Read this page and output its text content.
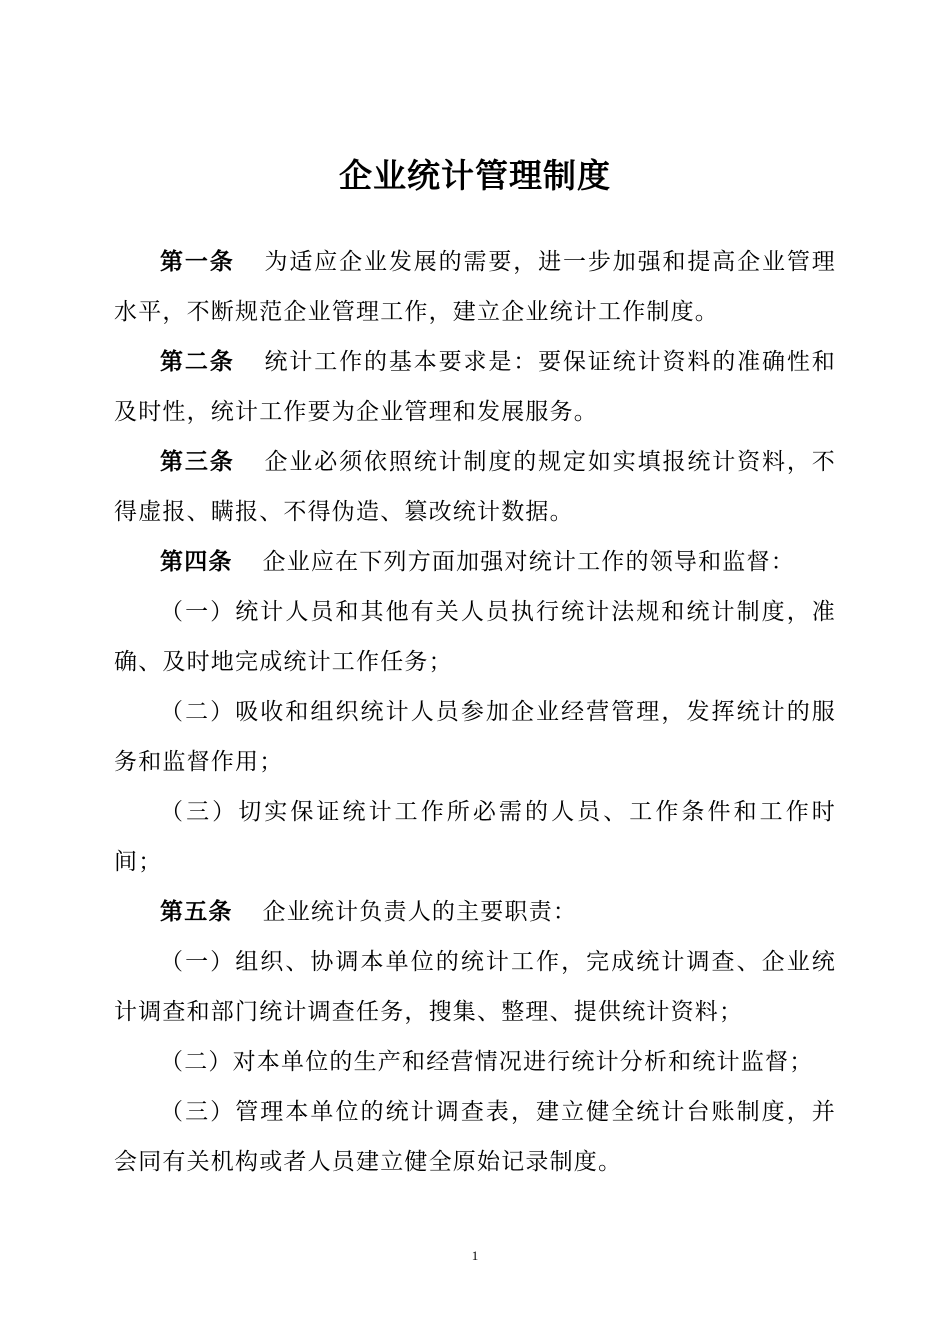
企业统计管理制度

第一条 为适应企业发展的需要，进一步加强和提高企业管理水平，不断规范企业管理工作，建立企业统计工作制度。

第二条 统计工作的基本要求是：要保证统计资料的准确性和及时性，统计工作要为企业管理和发展服务。

第三条 企业必须依照统计制度的规定如实填报统计资料，不得虚报、瞒报、不得伪造、篡改统计数据。

第四条 企业应在下列方面加强对统计工作的领导和监督：

（一）统计人员和其他有关人员执行统计法规和统计制度，准确、及时地完成统计工作任务；

（二）吸收和组织统计人员参加企业经营管理，发挥统计的服务和监督作用；

（三）切实保证统计工作所必需的人员、工作条件和工作时间；

第五条 企业统计负责人的主要职责：

（一）组织、协调本单位的统计工作，完成统计调查、企业统计调查和部门统计调查任务，搜集、整理、提供统计资料；

（二）对本单位的生产和经营情况进行统计分析和统计监督；

（三）管理本单位的统计调查表，建立健全统计台账制度，并会同有关机构或者人员建立健全原始记录制度。

1
